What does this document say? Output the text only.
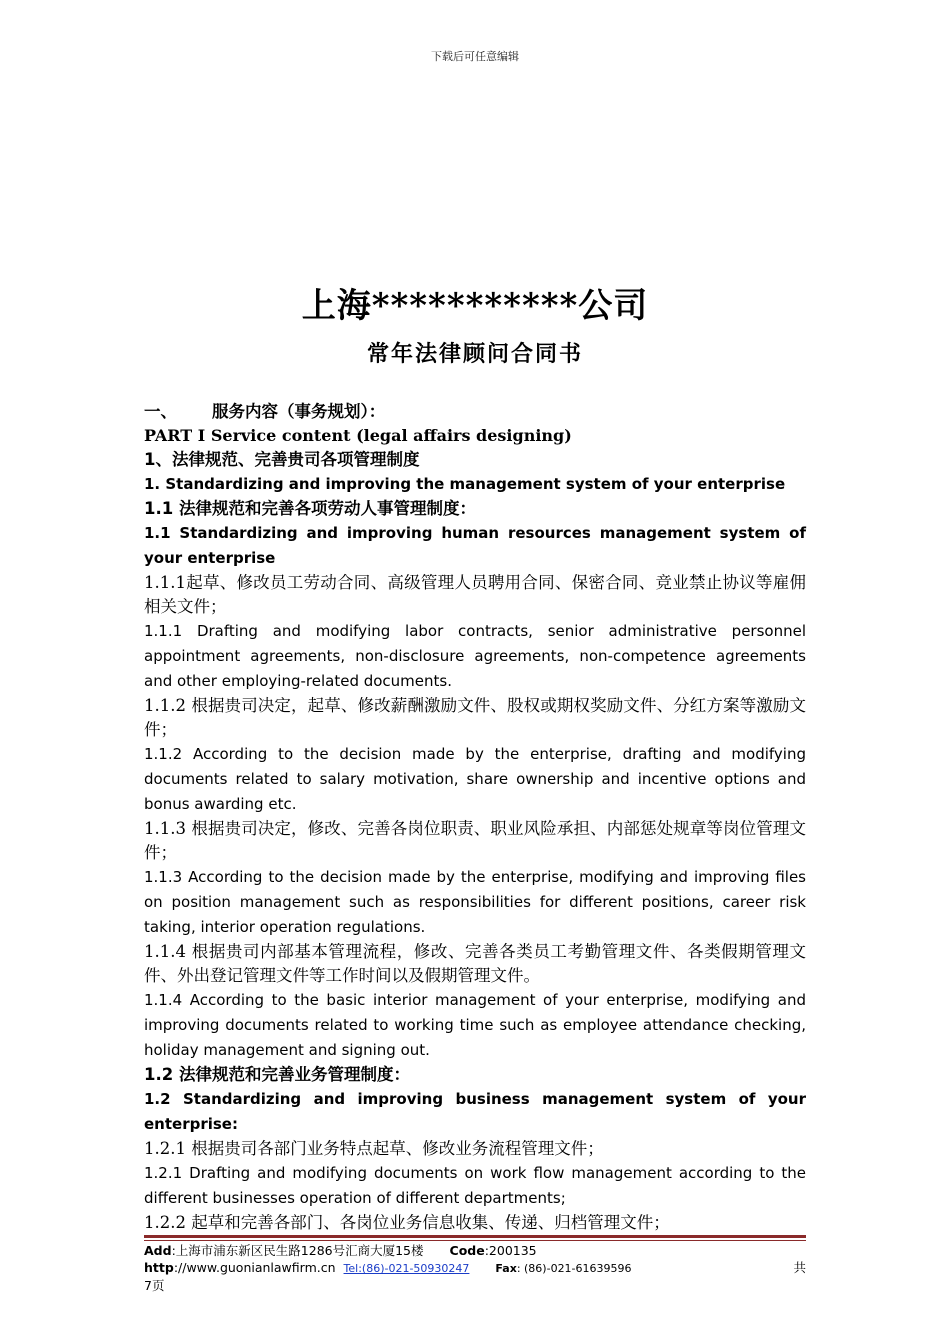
下载后可任意编辑
上海***********公司
常年法律顾问合同书
一、	服务内容（事务规划）：
PART Ⅰ Service content (legal affairs designing)
1、法律规范、完善贵司各项管理制度
1. Standardizing and improving the management system of your enterprise
1.1 法律规范和完善各项劳动人事管理制度：
1.1 Standardizing and improving human resources management system of your enterprise
1.1.1起草、修改员工劳动合同、高级管理人员聘用合同、保密合同、竞业禁止协议等雇佣相关文件；
1.1.1 Drafting and modifying labor contracts, senior administrative personnel appointment agreements, non-disclosure agreements, non-competence agreements and other employing-related documents.
1.1.2 根据贵司决定，起草、修改薪酬激励文件、股权或期权奖励文件、分红方案等激励文件；
1.1.2 According to the decision made by the enterprise, drafting and modifying documents related to salary motivation, share ownership and incentive options and bonus awarding etc.
1.1.3 根据贵司决定，修改、完善各岗位职责、职业风险承担、内部惩处规章等岗位管理文件；
1.1.3 According to the decision made by the enterprise, modifying and improving files on position management such as responsibilities for different positions, career risk taking, interior operation regulations.
1.1.4 根据贵司内部基本管理流程，修改、完善各类员工考勤管理文件、各类假期管理文件、外出登记管理文件等工作时间以及假期管理文件。
1.1.4 According to the basic interior management of your enterprise, modifying and improving documents related to working time such as employee attendance checking, holiday management and signing out.
1.2 法律规范和完善业务管理制度：
1.2 Standardizing and improving business management system of your enterprise:
1.2.1 根据贵司各部门业务特点起草、修改业务流程管理文件；
1.2.1 Drafting and modifying documents on work flow management according to the different businesses operation of different departments;
1.2.2 起草和完善各部门、各岗位业务信息收集、传递、归档管理文件；
Add :上海市浦东新区民生路1286号汇商大厦15楼 Code :200135
http ://www.guonianlawfirm.cn Tel:(86)-021-50930247 Fax : (86)-021-61639596	共
7页
